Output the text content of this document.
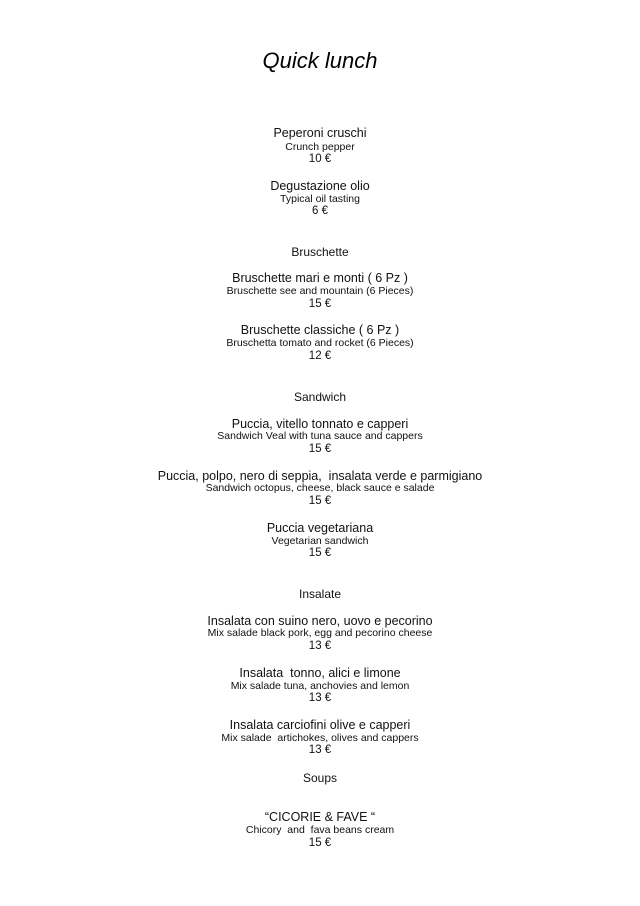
Quick lunch
Peperoni cruschi
Crunch pepper
10 €
Degustazione olio
Typical oil tasting
6 €
Bruschette
Bruschette mari e monti ( 6 Pz )
Bruschette see and mountain (6 Pieces)
15 €
Bruschette classiche ( 6 Pz )
Bruschetta tomato and rocket (6 Pieces)
12 €
Sandwich
Puccia, vitello tonnato e capperi
Sandwich Veal with tuna sauce and cappers
15 €
Puccia, polpo, nero di seppia,  insalata verde e parmigiano
Sandwich octopus, cheese, black sauce e salade
15 €
Puccia vegetariana
Vegetarian sandwich
15 €
Insalate
Insalata con suino nero, uovo e pecorino
Mix salade black pork, egg and pecorino cheese
13 €
Insalata  tonno, alici e limone
Mix salade tuna, anchovies and lemon
13 €
Insalata carciofini olive e capperi
Mix salade  artichokes, olives and cappers
13 €
Soups
“CICORIE & FAVE “
Chicory  and  fava beans cream
15 €
